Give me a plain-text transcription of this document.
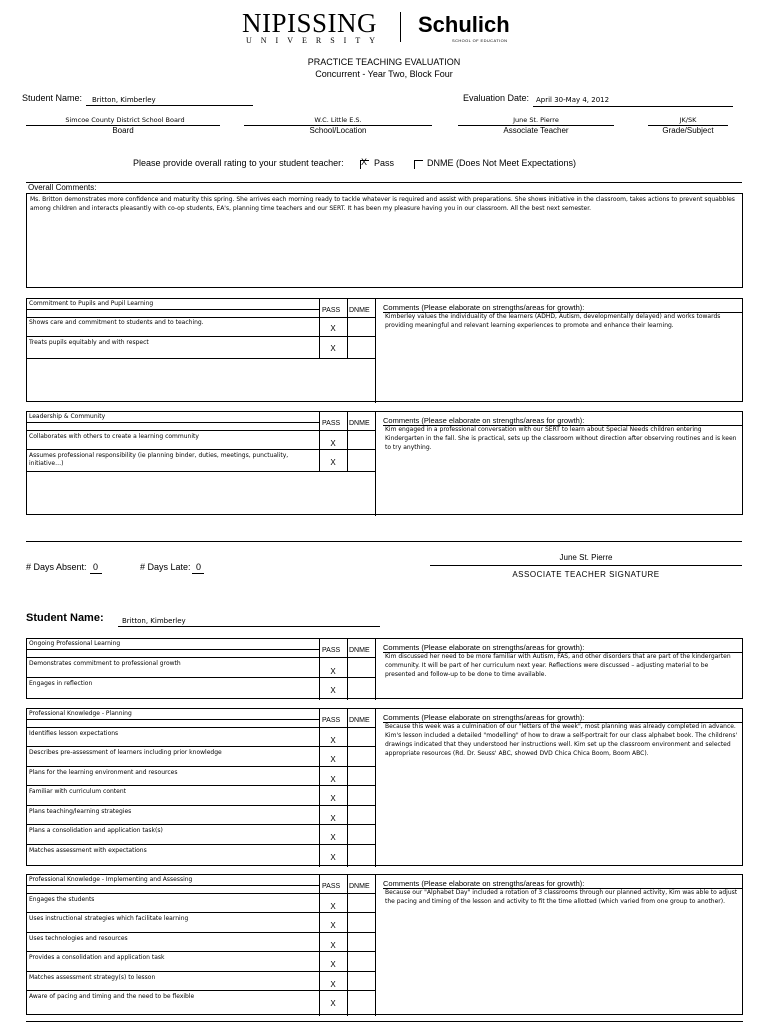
NIPISSING
UNIVERSITY
Schulich
SCHOOL OF EDUCATION
PRACTICE TEACHING EVALUATION
Concurrent - Year Two, Block Four
Student Name: Britton, Kimberley	Evaluation Date: April 30-May 4, 2012
Simcoe County District School Board
Board
W.C. Little E.S.
School/Location
June St. Pierre
Associate Teacher
JK/SK
Grade/Subject
Please provide overall rating to your student teacher: X Pass	DNME (Does Not Meet Expectations)
Overall Comments:
Ms. Britton demonstrates more confidence and maturity this spring. She arrives each morning ready to tackle whatever is required and assist with preparations. She shows initiative in the classroom, takes actions to prevent squabbles among children and interacts pleasantly with co-op students, EA's, planning time teachers and our SERT. It has been my pleasure having you in our classroom. All the best next semester.
Commitment to Pupils and Pupil Learning
PASS DNME
Shows care and commitment to students and to teaching.
X
Treats pupils equitably and with respect
X
Comments (Please elaborate on strengths/areas for growth):
Kimberley values the individuality of the learners (ADHD, Autism, developmentally delayed) and works towards providing meaningful and relevant learning experiences to promote and enhance their learning.
Leadership & Community
PASS DNME
Collaborates with others to create a learning community
X
Assumes professional responsibility (ie planning binder, duties, meetings, punctuality, initiative…)	X
Comments (Please elaborate on strengths/areas for growth):
Kim engaged in a professional conversation with our SERT to learn about Special Needs children entering Kindergarten in the fall. She is practical, sets up the classroom without direction after observing routines and is keen to try anything.
# Days Absent: 0	# Days Late: 0
June St. Pierre
ASSOCIATE TEACHER SIGNATURE
Student Name:	Britton, Kimberley
Ongoing Professional Learning
PASS DNME
Demonstrates commitment to professional growth
X
Engages in reflection
X
Comments (Please elaborate on strengths/areas for growth):
Kim discussed her need to be more familiar with Autism, FAS, and other disorders that are part of the kindergarten community. It will be part of her curriculum next year. Reflections were discussed – adjusting material to be presented and follow-up to be done to time available.
Professional Knowledge - Planning
PASS DNME
Identifies lesson expectations
X
Describes pre-assessment of learners including prior knowledge
X
Plans for the learning environment and resources
X
Familiar with curriculum content
X
Plans teaching/learning strategies
X
Plans a consolidation and application task(s)
X
Matches assessment with expectations
X
Comments (Please elaborate on strengths/areas for growth):
Because this week was a culmination of our "letters of the week", most planning was already completed in advance. Kim's lesson included a detailed "modelling" of how to draw a self-portrait for our class alphabet book. The childrens' drawings indicated that they understood her instructions well. Kim set up the classroom environment and selected appropriate resources (Rd. Dr. Seuss' ABC, showed DVD Chica Chica Boom, Boom ABC).
Professional Knowledge - Implementing and Assessing
PASS DNME
Engages the students
X
Uses instructional strategies which facilitate learning
X
Uses technologies and resources
X
Provides a consolidation and application task
X
Matches assessment strategy(s) to lesson
X
Aware of pacing and timing and the need to be flexible
X
Comments (Please elaborate on strengths/areas for growth):
Because our "Alphabet Day" included a rotation of 3 classrooms through our planned activity, Kim was able to adjust the pacing and timing of the lesson and activity to fit the time allotted (which varied from one group to another).
